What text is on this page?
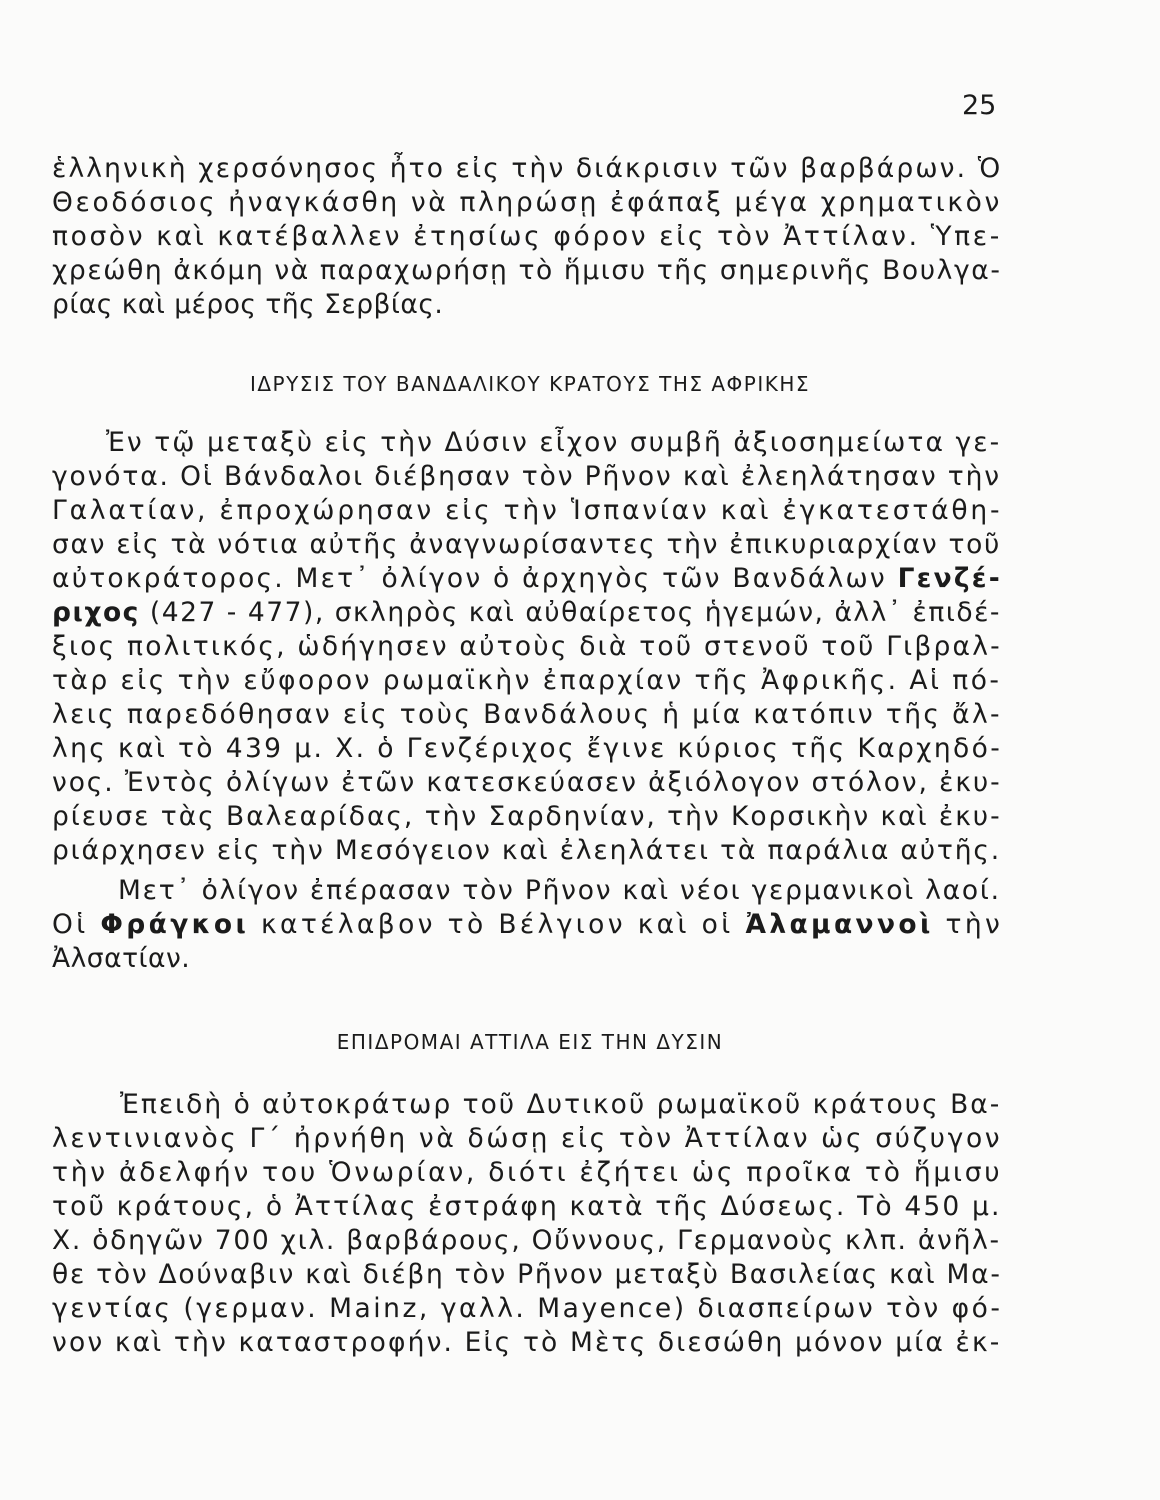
25
ἑλληνικὴ χερσόνησος ἦτο εἰς τὴν διάκρισιν τῶν βαρβάρων. Ὁ
Θεοδόσιος ἠναγκάσθη νὰ πληρώσῃ ἐφάπαξ μέγα χρηματικὸν
ποσὸν καὶ κατέβαλλεν ἐτησίως φόρον εἰς τὸν Ἀττίλαν. Ὑπε-
χρεώθη ἀκόμη νὰ παραχωρήσῃ τὸ ἥμισυ τῆς σημερινῆς Βουλγα-
ρίας καὶ μέρος τῆς Σερβίας.
ΙΔΡΥΣΙΣ ΤΟΥ ΒΑΝΔΑΛΙΚΟΥ ΚΡΑΤΟΥΣ ΤΗΣ ΑΦΡΙΚΗΣ
Ἐν τῷ μεταξὺ εἰς τὴν Δύσιν εἶχον συμβῆ ἀξιοσημείωτα γε-
γονότα. Οἱ Βάνδαλοι διέβησαν τὸν Ρῆνον καὶ ἐλεηλάτησαν τὴν
Γαλατίαν, ἐπροχώρησαν εἰς τὴν Ἱσπανίαν καὶ ἐγκατεστάθη-
σαν εἰς τὰ νότια αὐτῆς ἀναγνωρίσαντες τὴν ἐπικυριαρχίαν τοῦ
αὐτοκράτορος. Μετ᾿ ὀλίγον ὁ ἀρχηγὸς τῶν Βανδάλων Γενζέ-
ριχος (427 - 477), σκληρὸς καὶ αὐθαίρετος ἡγεμών, ἀλλ᾿ ἐπιδέ-
ξιος πολιτικός, ὡδήγησεν αὐτοὺς διὰ τοῦ στενοῦ τοῦ Γιβραλ-
τὰρ εἰς τὴν εὔφορον ρωμαϊκὴν ἐπαρχίαν τῆς Ἀφρικῆς. Αἱ πό-
λεις παρεδόθησαν εἰς τοὺς Βανδάλους ἡ μία κατόπιν τῆς ἄλ-
λης καὶ τὸ 439 μ. Χ. ὁ Γενζέριχος ἔγινε κύριος τῆς Καρχηδό-
νος. Ἐντὸς ὀλίγων ἐτῶν κατεσκεύασεν ἀξιόλογον στόλον, ἐκυ-
ρίευσε τὰς Βαλεαρίδας, τὴν Σαρδηνίαν, τὴν Κορσικὴν καὶ ἐκυ-
ριάρχησεν εἰς τὴν Μεσόγειον καὶ ἐλεηλάτει τὰ παράλια αὐτῆς.
Μετ᾿ ὀλίγον ἐπέρασαν τὸν Ρῆνον καὶ νέοι γερμανικοὶ λαοί.
Οἱ Φράγκοι κατέλαβον τὸ Βέλγιον καὶ οἱ Ἀλαμαννοὶ τὴν
Ἀλσατίαν.
ΕΠΙΔΡΟΜΑΙ ΑΤΤΙΛΑ ΕΙΣ ΤΗΝ ΔΥΣΙΝ
Ἐπειδὴ ὁ αὐτοκράτωρ τοῦ Δυτικοῦ ρωμαϊκοῦ κράτους Βα-
λεντινιανὸς Γ΄ ἠρνήθη νὰ δώσῃ εἰς τὸν Ἀττίλαν ὡς σύζυγον
τὴν ἀδελφήν του Ὁνωρίαν, διότι ἐζήτει ὡς προῖκα τὸ ἥμισυ
τοῦ κράτους, ὁ Ἀττίλας ἐστράφη κατὰ τῆς Δύσεως. Τὸ 450 μ.
Χ. ὁδηγῶν 700 χιλ. βαρβάρους, Οὔννους, Γερμανοὺς κλπ. ἀνῆλ-
θε τὸν Δούναβιν καὶ διέβη τὸν Ρῆνον μεταξὺ Βασιλείας καὶ Μα-
γεντίας (γερμαν. Mainz, γαλλ. Mayence) διασπείρων τὸν φό-
νον καὶ τὴν καταστροφήν. Εἰς τὸ Μὲτς διεσώθη μόνον μία ἐκ-
